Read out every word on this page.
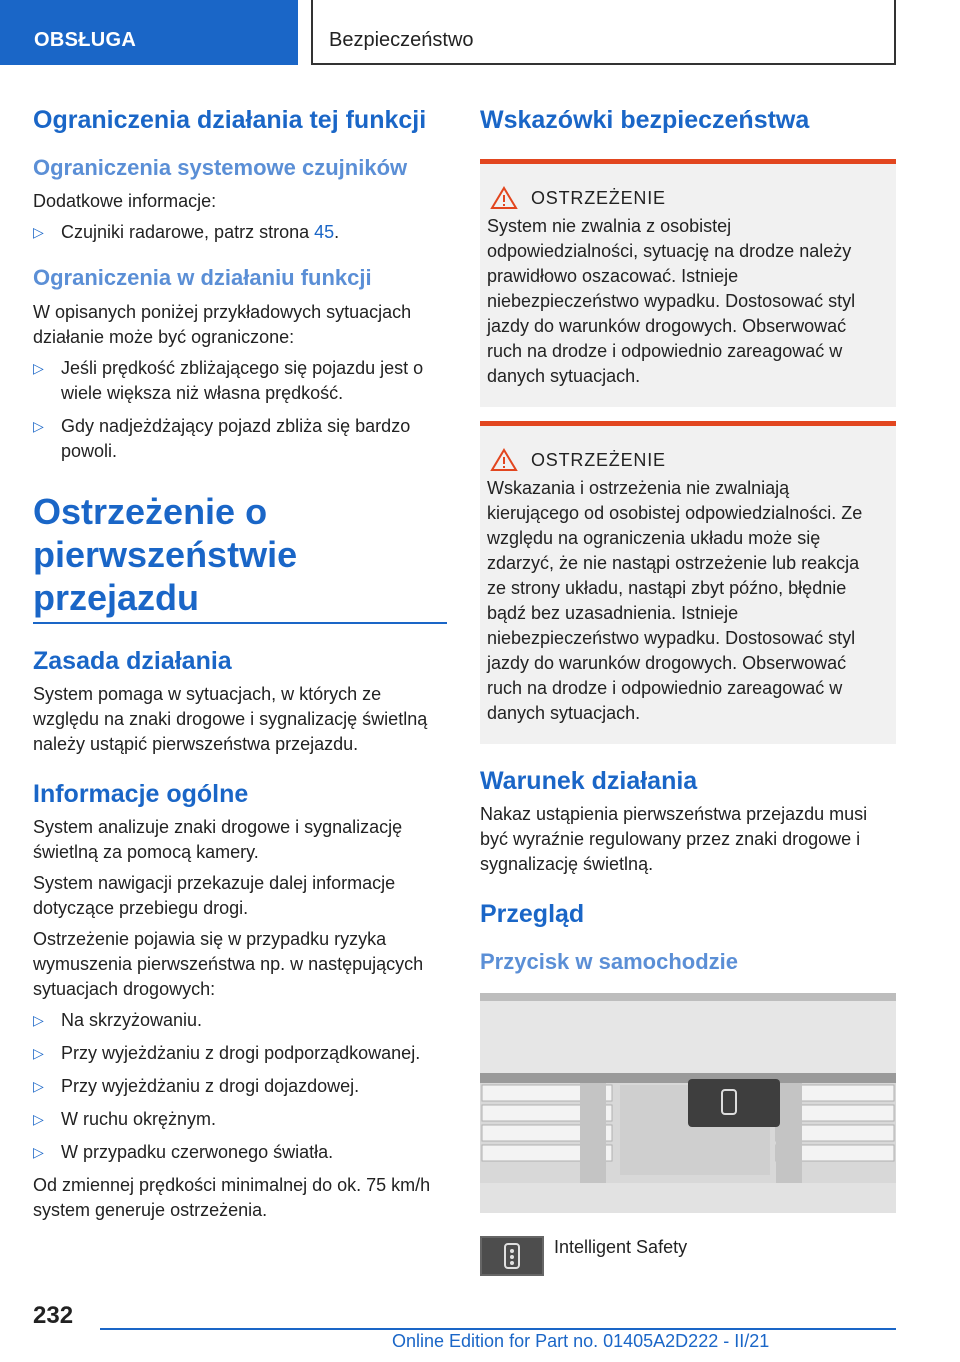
OBSŁUGA	Bezpieczeństwo
Ograniczenia działania tej funkcji
Ograniczenia systemowe czujników

Dodatkowe informacje:

▷ Czujniki radarowe, patrz strona 45.
Ograniczenia w działaniu funkcji

W opisanych poniżej przykładowych sytuacjach działanie może być ograniczone:

▷ Jeśli prędkość zbliżającego się pojazdu jest o wiele większa niż własna prędkość.
▷ Gdy nadjeżdżający pojazd zbliża się bardzo powoli.
Ostrzeżenie o pierwszeństwie przejazdu
Zasada działania

System pomaga w sytuacjach, w których ze względu na znaki drogowe i sygnalizację świetlną należy ustąpić pierwszeństwa przejazdu.

Informacje ogólne

System analizuje znaki drogowe i sygnalizację świetlną za pomocą kamery.

System nawigacji przekazuje dalej informacje dotyczące przebiegu drogi.

Ostrzeżenie pojawia się w przypadku ryzyka wymuszenia pierwszeństwa np. w następujących sytuacjach drogowych:

▷ Na skrzyżowaniu.
▷ Przy wyjeżdżaniu z drogi podporządkowanej.
▷ Przy wyjeżdżaniu z drogi dojazdowej.
▷ W ruchu okrężnym.
▷ W przypadku czerwonego światła.

Od zmiennej prędkości minimalnej do ok. 75 km/h system generuje ostrzeżenia.

Wskazówki bezpieczeństwa
OSTRZEŻENIE

System nie zwalnia z osobistej odpowiedzialności, sytuację na drodze należy prawidłowo oszacować. Istnieje niebezpieczeństwo wypadku. Dostosować styl jazdy do warunków drogowych. Obserwować ruch na drodze i odpowiednio zareagować w danych sytuacjach.

OSTRZEŻENIE

Wskazania i ostrzeżenia nie zwalniają kierującego od osobistej odpowiedzialności. Ze względu na ograniczenia układu może się zdarzyć, że nie nastąpi ostrzeżenie lub reakcja ze strony układu, nastąpi zbyt późno, błędnie bądź bez uzasadnienia. Istnieje niebezpieczeństwo wypadku. Dostosować styl jazdy do warunków drogowych. Obserwować ruch na drodze i odpowiednio zareagować w danych sytuacjach.

Warunek działania

Nakaz ustąpienia pierwszeństwa przejazdu musi być wyraźnie regulowany przez znaki drogowe i sygnalizację świetlną.

Przegląd
Przycisk w samochodzie
Intelligent Safety
232
Online Edition for Part no. 01405A2D222 - II/21
